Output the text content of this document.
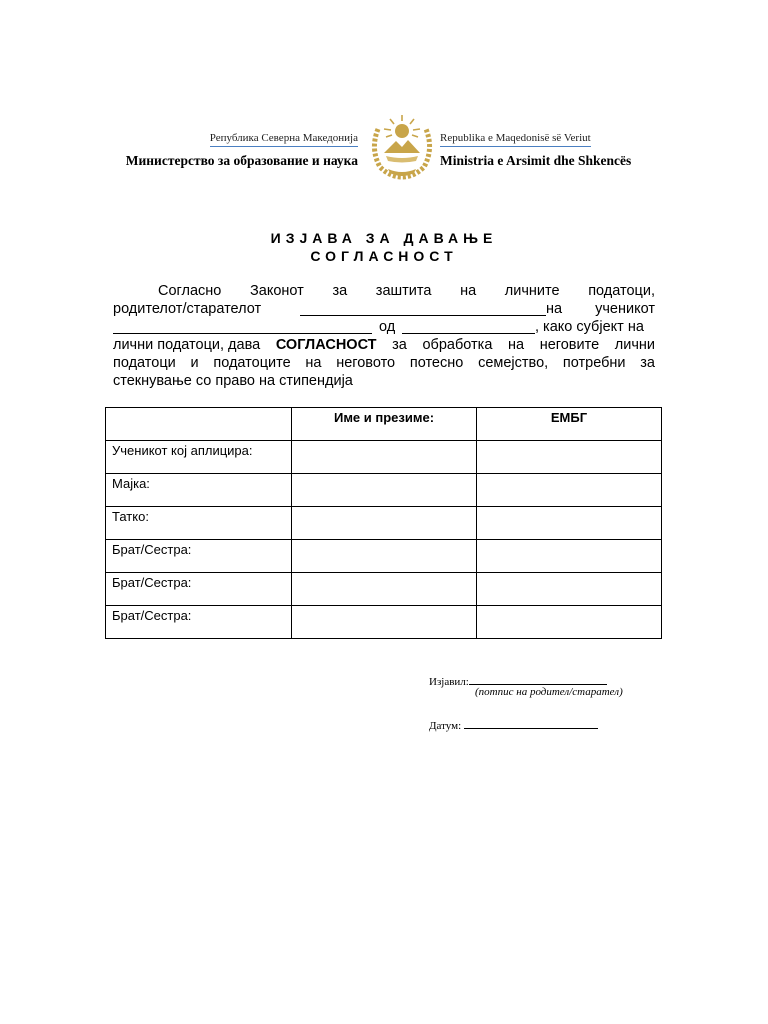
Република Северна Македонија
Министерство за образование и наука
Republika e Maqedonisë së Veriut
Ministria e Arsimit dhe Shkencës
ИЗЈАВА ЗА ДАВАЊЕ
СОГЛАСНОСТ
Согласно Законот за заштита на личните податоци,
родителот/старателот	на ученикот
од	, како субјект на
лични податоци, дава СОГЛАСНОСТ за обработка на неговите лични
податоци и податоците на неговото потесно семејство, потребни за
стекнување со право на стипендија
	Име и презиме:	ЕМБГ
Ученикот кој аплицира:		
Мајка:		
Татко:		
Брат/Сестра:		
Брат/Сестра:		
Брат/Сестра:		
Изјавил:
(потпис на родител/старател)
Датум:
